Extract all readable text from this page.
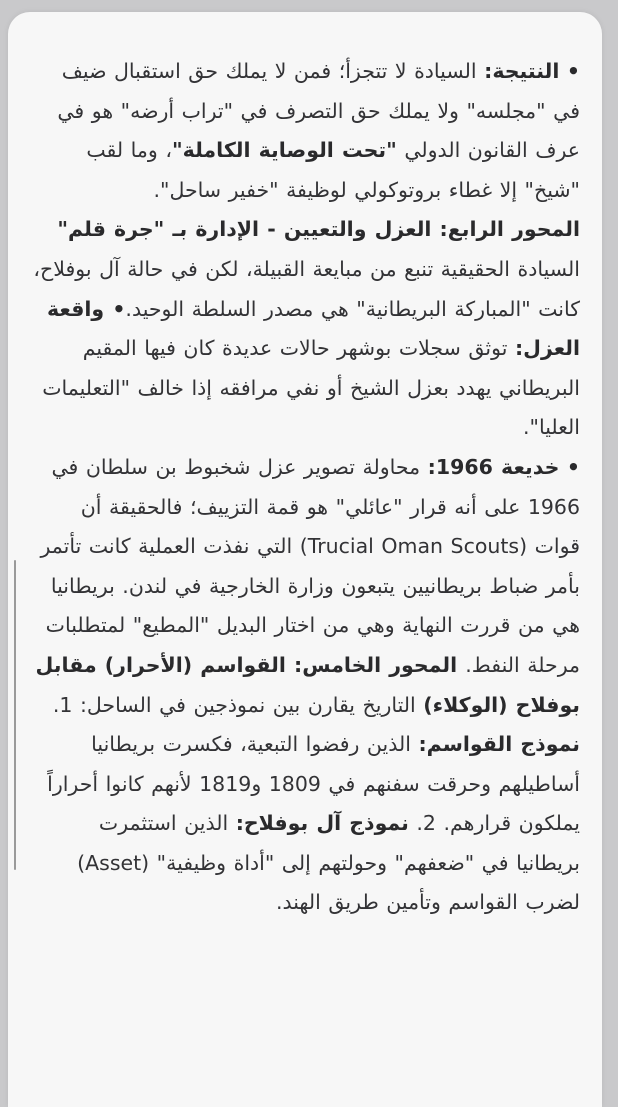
• النتيجة: السيادة لا تتجزأ؛ فمن لا يملك حق استقبال ضيف في "مجلسه" ولا يملك حق التصرف في "تراب أرضه" هو في عرف القانون الدولي "تحت الوصاية الكاملة"، وما لقب "شيخ" إلا غطاء بروتوكولي لوظيفة "خفير ساحل".

المحور الرابع: العزل والتعيين - الإدارة بـ "جرة قلم" السيادة الحقيقية تنبع من مبايعة القبيلة، لكن في حالة آل بوفلاح، كانت "المباركة البريطانية" هي مصدر السلطة الوحيد.• واقعة العزل: توثق سجلات بوشهر حالات عديدة كان فيها المقيم البريطاني يهدد بعزل الشيخ أو نفي مرافقه إذا خالف "التعليمات العليا".

• خديعة 1966: محاولة تصوير عزل شخبوط بن سلطان في 1966 على أنه قرار "عائلي" هو قمة التزييف؛ فالحقيقة أن قوات (Trucial Oman Scouts) التي نفذت العملية كانت تأتمر بأمر ضباط بريطانيين يتبعون وزارة الخارجية في لندن. بريطانيا هي من قررت النهاية وهي من اختار البديل "المطيع" لمتطلبات مرحلة النفط. المحور الخامس: القواسم (الأحرار) مقابل بوفلاح (الوكلاء) التاريخ يقارن بين نموذجين في الساحل: 1. نموذج القواسم: الذين رفضوا التبعية، فكسرت بريطانيا أساطيلهم وحرقت سفنهم في 1809 و1819 لأنهم كانوا أحراراً يملكون قرارهم. 2. نموذج آل بوفلاح: الذين استثمرت بريطانيا في "ضعفهم" وحولتهم إلى "أداة وظيفية" (Asset) لضرب القواسم وتأمين طريق الهند.
